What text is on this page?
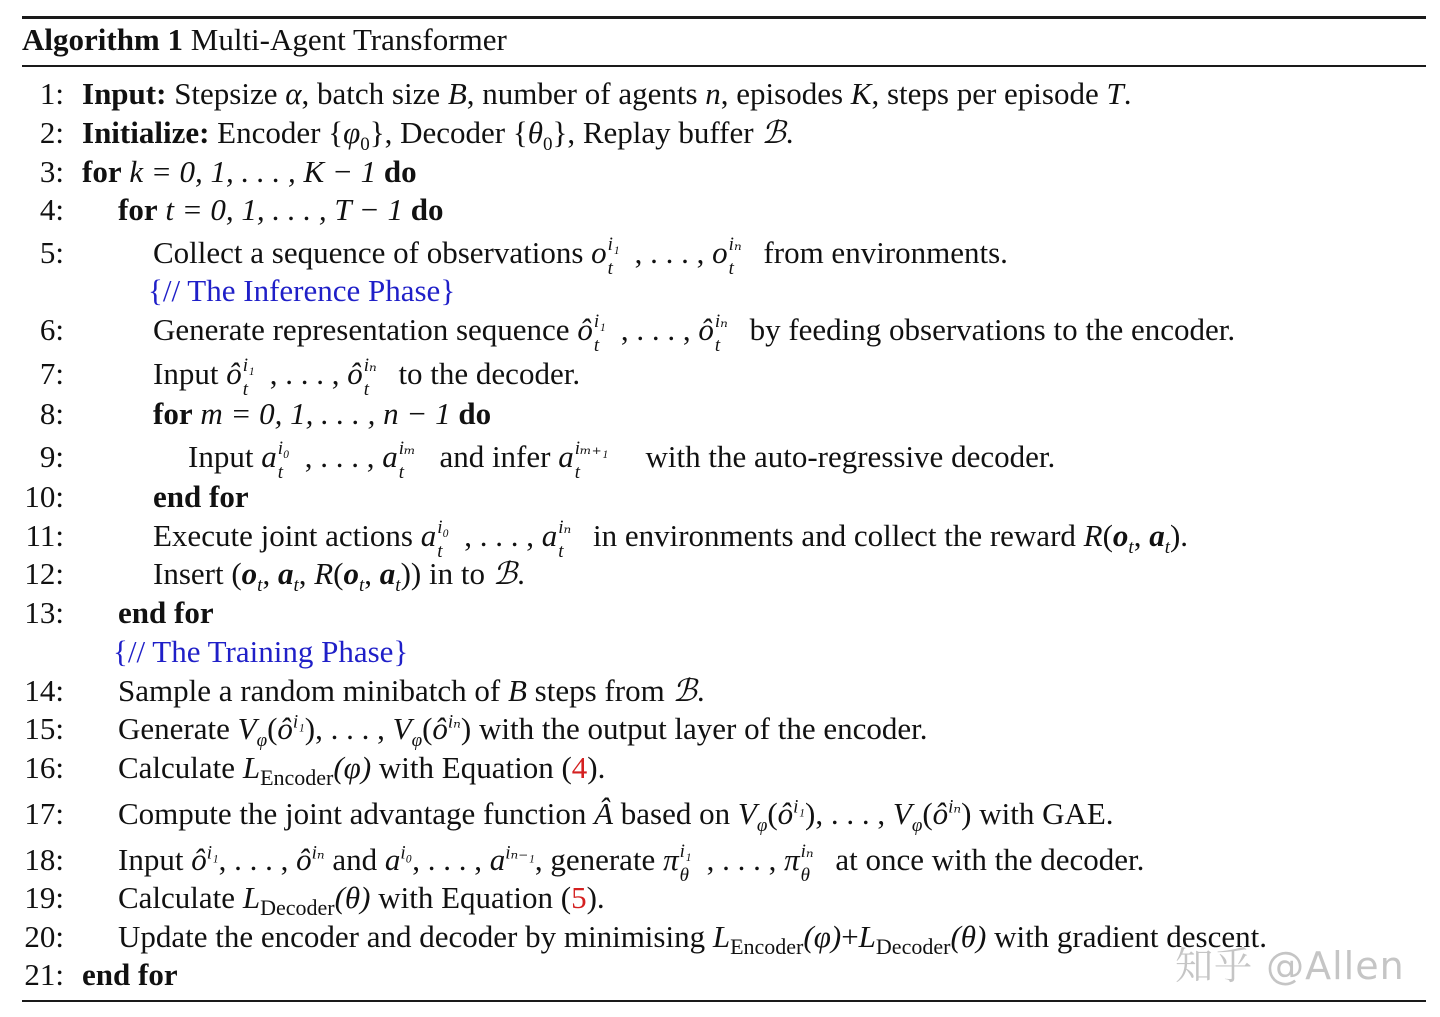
Algorithm 1 Multi-Agent Transformer
1: Input: Stepsize α, batch size B, number of agents n, episodes K, steps per episode T.
2: Initialize: Encoder $\{\varphi_0\}$, Decoder $\{\theta_0\}$, Replay buffer ℬ.
3: for k = 0, 1, . . . , K − 1 do
4: for t = 0, 1, . . . , T − 1 do
5:	Collect a sequence of observations o i₁
t , . . . , o iₙ
t from environments.
{// The Inference Phase}
6:	Generate representation sequence ô i₁
t , . . . , ô iₙ
t by feeding observations to the encoder.
7:	Input ô i₁
t , . . . , ô iₙ
t to the decoder.
8:	for m = 0, 1, . . . , n − 1 do
9:	Input a i₀
t , . . . , a iₘ
t and infer a iₘ₊₁
t with the auto-regressive decoder.
10:	end for
11:	Execute joint actions a i₀
t , . . . , a iₙ
t in environments and collect the reward $R(o_t$, $a_t$).
12:	Insert ($o_t$, $a_t$, $R(o_t$, $a_t$)) in to ℬ.
13: end for
{// The Training Phase}
14: Sample a random minibatch of B steps from ℬ.
15: Generate $V_\varphi(ô^{i_1})$, . . . , $V_\varphi(ô^{i_n})$ with the output layer of the encoder.
16: Calculate $L_{Encoder}(\varphi)$ with Equation (4).
17: Compute the joint advantage function Â based on $V_\varphi(ô^{i_1})$, . . . , $V_\varphi(ô^{i_n})$ with GAE.
18: Input $ô^{i_1}$, . . . , $ô^{i_n}$ and $a^{i_0}$, . . . , $a^{i_{n-1}}$, generate π i₁
θ , . . . , π iₙ
θ at once with the decoder.
19: Calculate $L_{Decoder}(\theta)$ with Equation (5).
20: Update the encoder and decoder by minimising $L_{Encoder}(\varphi)+L_{Decoder}(\theta)$ with gradient descent.
21: end for	知乎 @Allen
